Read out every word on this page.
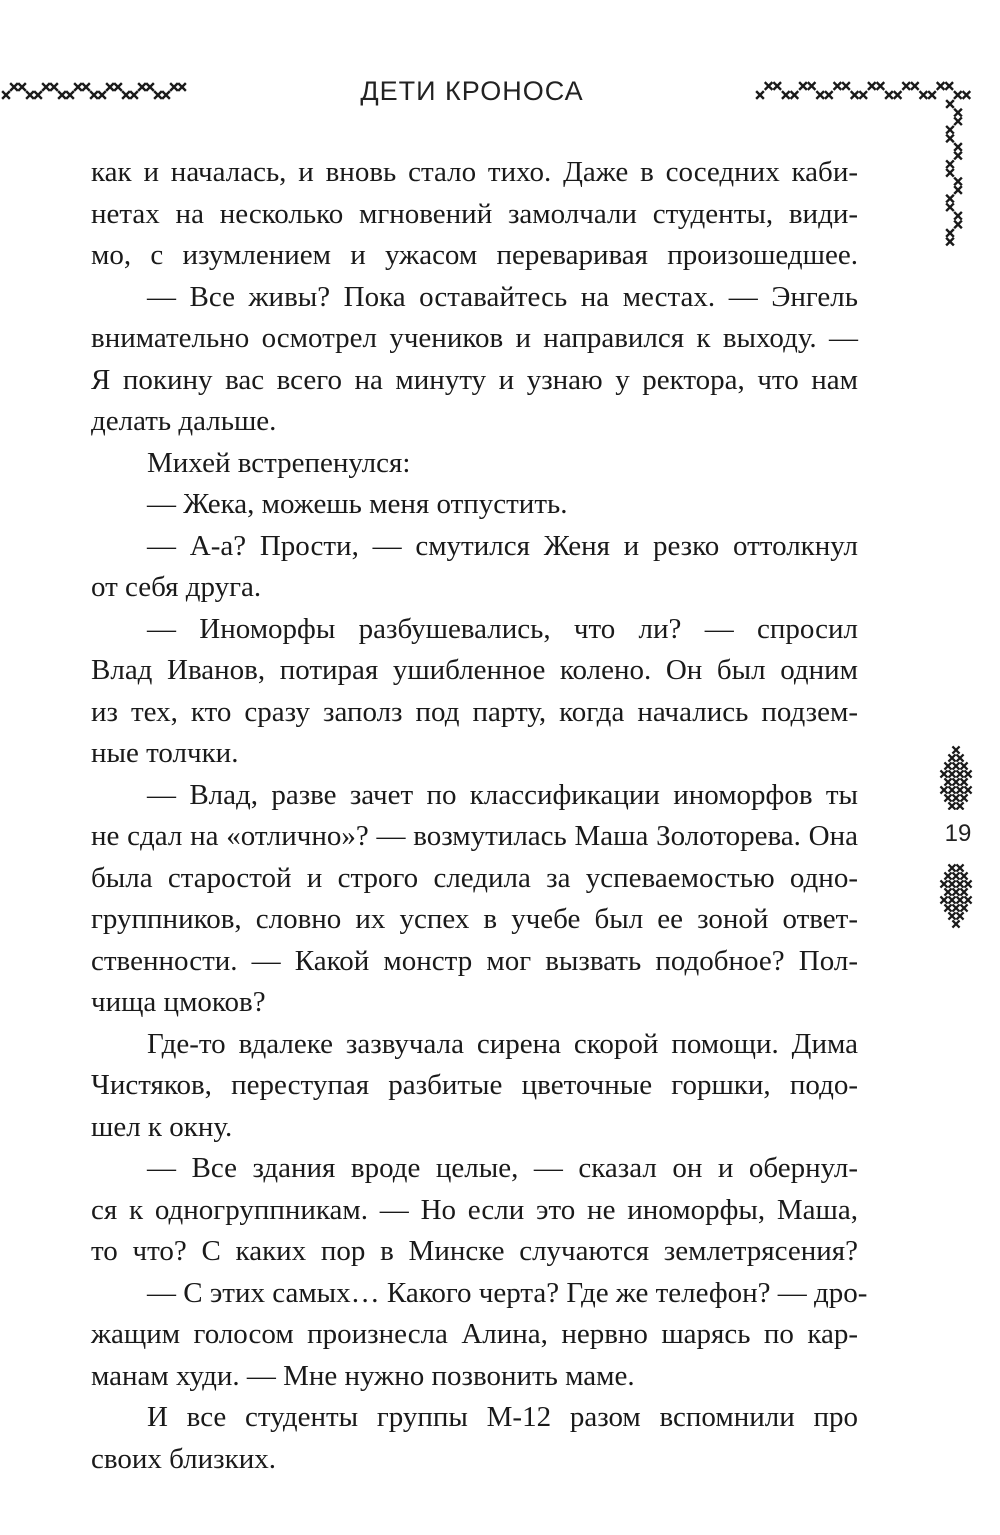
ДЕТИ КРОНОСА
19
как и началась, и вновь стало тихо. Даже в соседних каби-
нетах на несколько мгновений замолчали студенты, види-
мо, с изумлением и ужасом переваривая произошедшее.
— Все живы? Пока оставайтесь на местах. — Энгель
внимательно осмотрел учеников и направился к выходу. —
Я покину вас всего на минуту и узнаю у ректора, что нам
делать дальше.
Михей встрепенулся:
— Жека, можешь меня отпустить.
— А-а? Прости, — смутился Женя и резко оттолкнул
от себя друга.
— Иноморфы разбушевались, что ли? — спросил
Влад Иванов, потирая ушибленное колено. Он был одним
из тех, кто сразу заполз под парту, когда начались подзем-
ные толчки.
— Влад, разве зачет по классификации иноморфов ты
не сдал на «отлично»? — возмутилась Маша Золоторева. Она
была старостой и строго следила за успеваемостью одно-
группников, словно их успех в учебе был ее зоной ответ-
ственности. — Какой монстр мог вызвать подобное? Пол-
чища цмоков?
Где-то вдалеке зазвучала сирена скорой помощи. Дима
Чистяков, переступая разбитые цветочные горшки, подо-
шел к окну.
— Все здания вроде целые, — сказал он и обернул-
ся к одногруппникам. — Но если это не иноморфы, Маша,
то что? С каких пор в Минске случаются землетрясения?
— С этих самых… Какого черта? Где же телефон? — дро-
жащим голосом произнесла Алина, нервно шарясь по кар-
манам худи. — Мне нужно позвонить маме.
И все студенты группы М-12 разом вспомнили про
своих близких.
